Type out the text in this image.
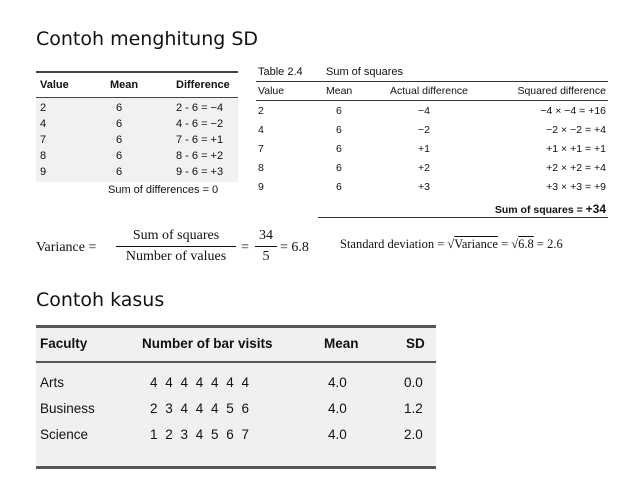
Contoh menghitung SD
Value	Mean	Difference
2	6	2 - 6 = −4
4	6	4 - 6 = −2
7	6	7 - 6 = +1
8	6	8 - 6 = +2
9	6	9 - 6 = +3
Sum of differences = 0
Table 2.4 Sum of squares
Value	Mean	Actual difference	Squared difference
2	6	−4	−4 × −4 = +16
4	6	−2	−2 × −2 = +4
7	6	+1	+1 × +1 = +1
8	6	+2	+2 × +2 = +4
9	6	+3	+3 × +3 = +9
Sum of squares = +34
Variance =
Sum of squares
Number of values
= $\frac{34}{5} = 6.8$ Standard deviation = √Variance = √6.8 = 2.6
Contoh kasus
Faculty	Number of bar visits	Mean	SD
Arts	4 4 4 4 4 4 4	4.0	0.0
Business	2 3 4 4 4 5 6	4.0	1.2
Science	1 2 3 4 5 6 7	4.0	2.0
